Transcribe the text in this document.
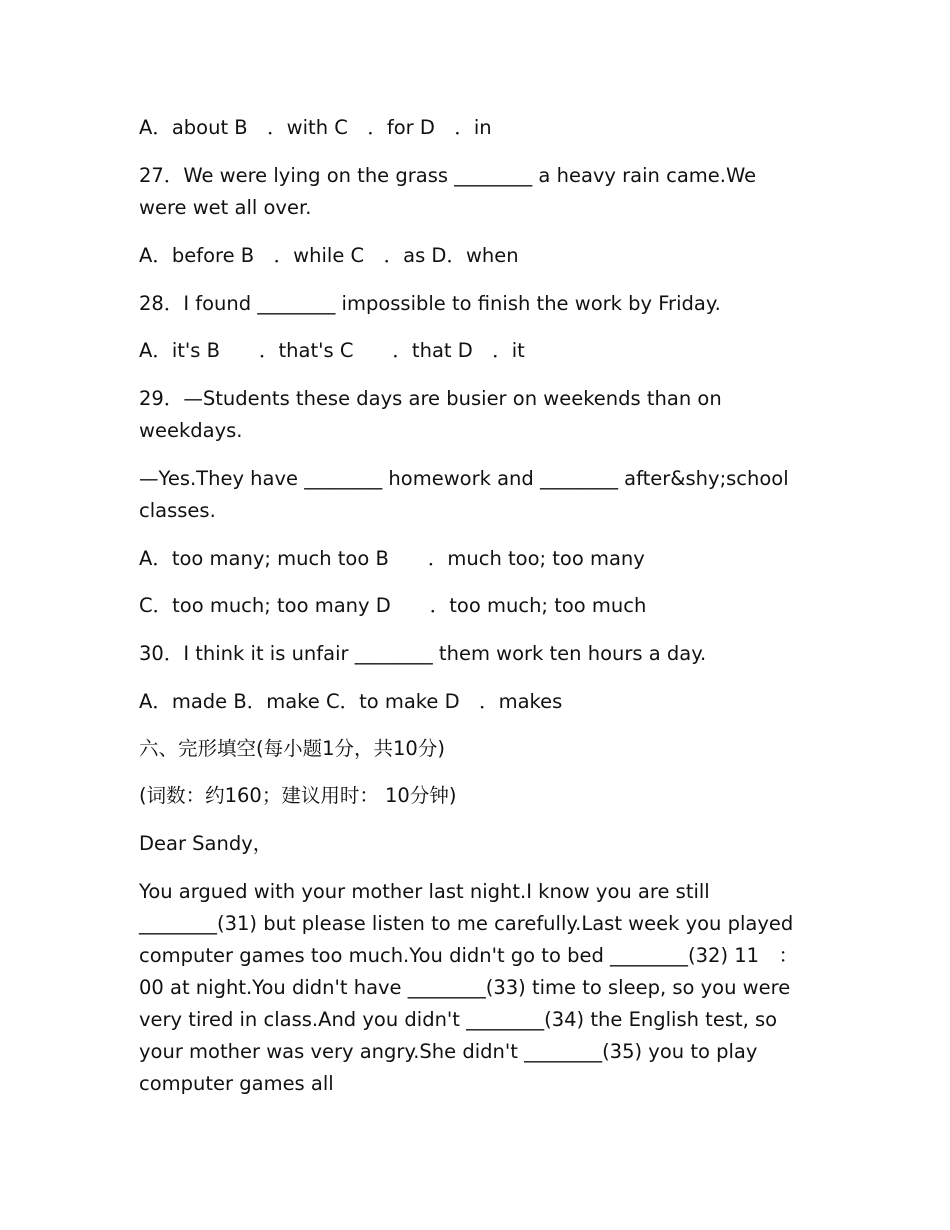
A．about B　．with C　．for D　．in

27．We were lying on the grass ________ a heavy rain came.We were wet all over.

A．before B　．while C　．as D．when

28．I found ________ impossible to finish the work by Friday.

A．it's B　　．that's C　　．that D　．it

29．—Students these days are busier on weekends than on weekdays.

—Yes.They have ________ homework and ________ after&shy;school classes.

A．too many; much too B　　．much too; too many

C．too much; too many D　　．too much; too much

30．I think it is unfair ________ them work ten hours a day.

A．made B．make C．to make D　．makes

六、完形填空(每小题1分，共10分)

(词数：约160；建议用时： 10分钟)

Dear Sandy，

You argued with your mother last night.I know you are still ________(31) but please listen to me carefully.Last week you played computer games too much.You didn't go to bed ________(32) 11　：00 at night.You didn't have ________(33) time to sleep, so you were very tired in class.And you didn't ________(34) the English test, so your mother was very angry.She didn't ________(35) you to play computer games all
